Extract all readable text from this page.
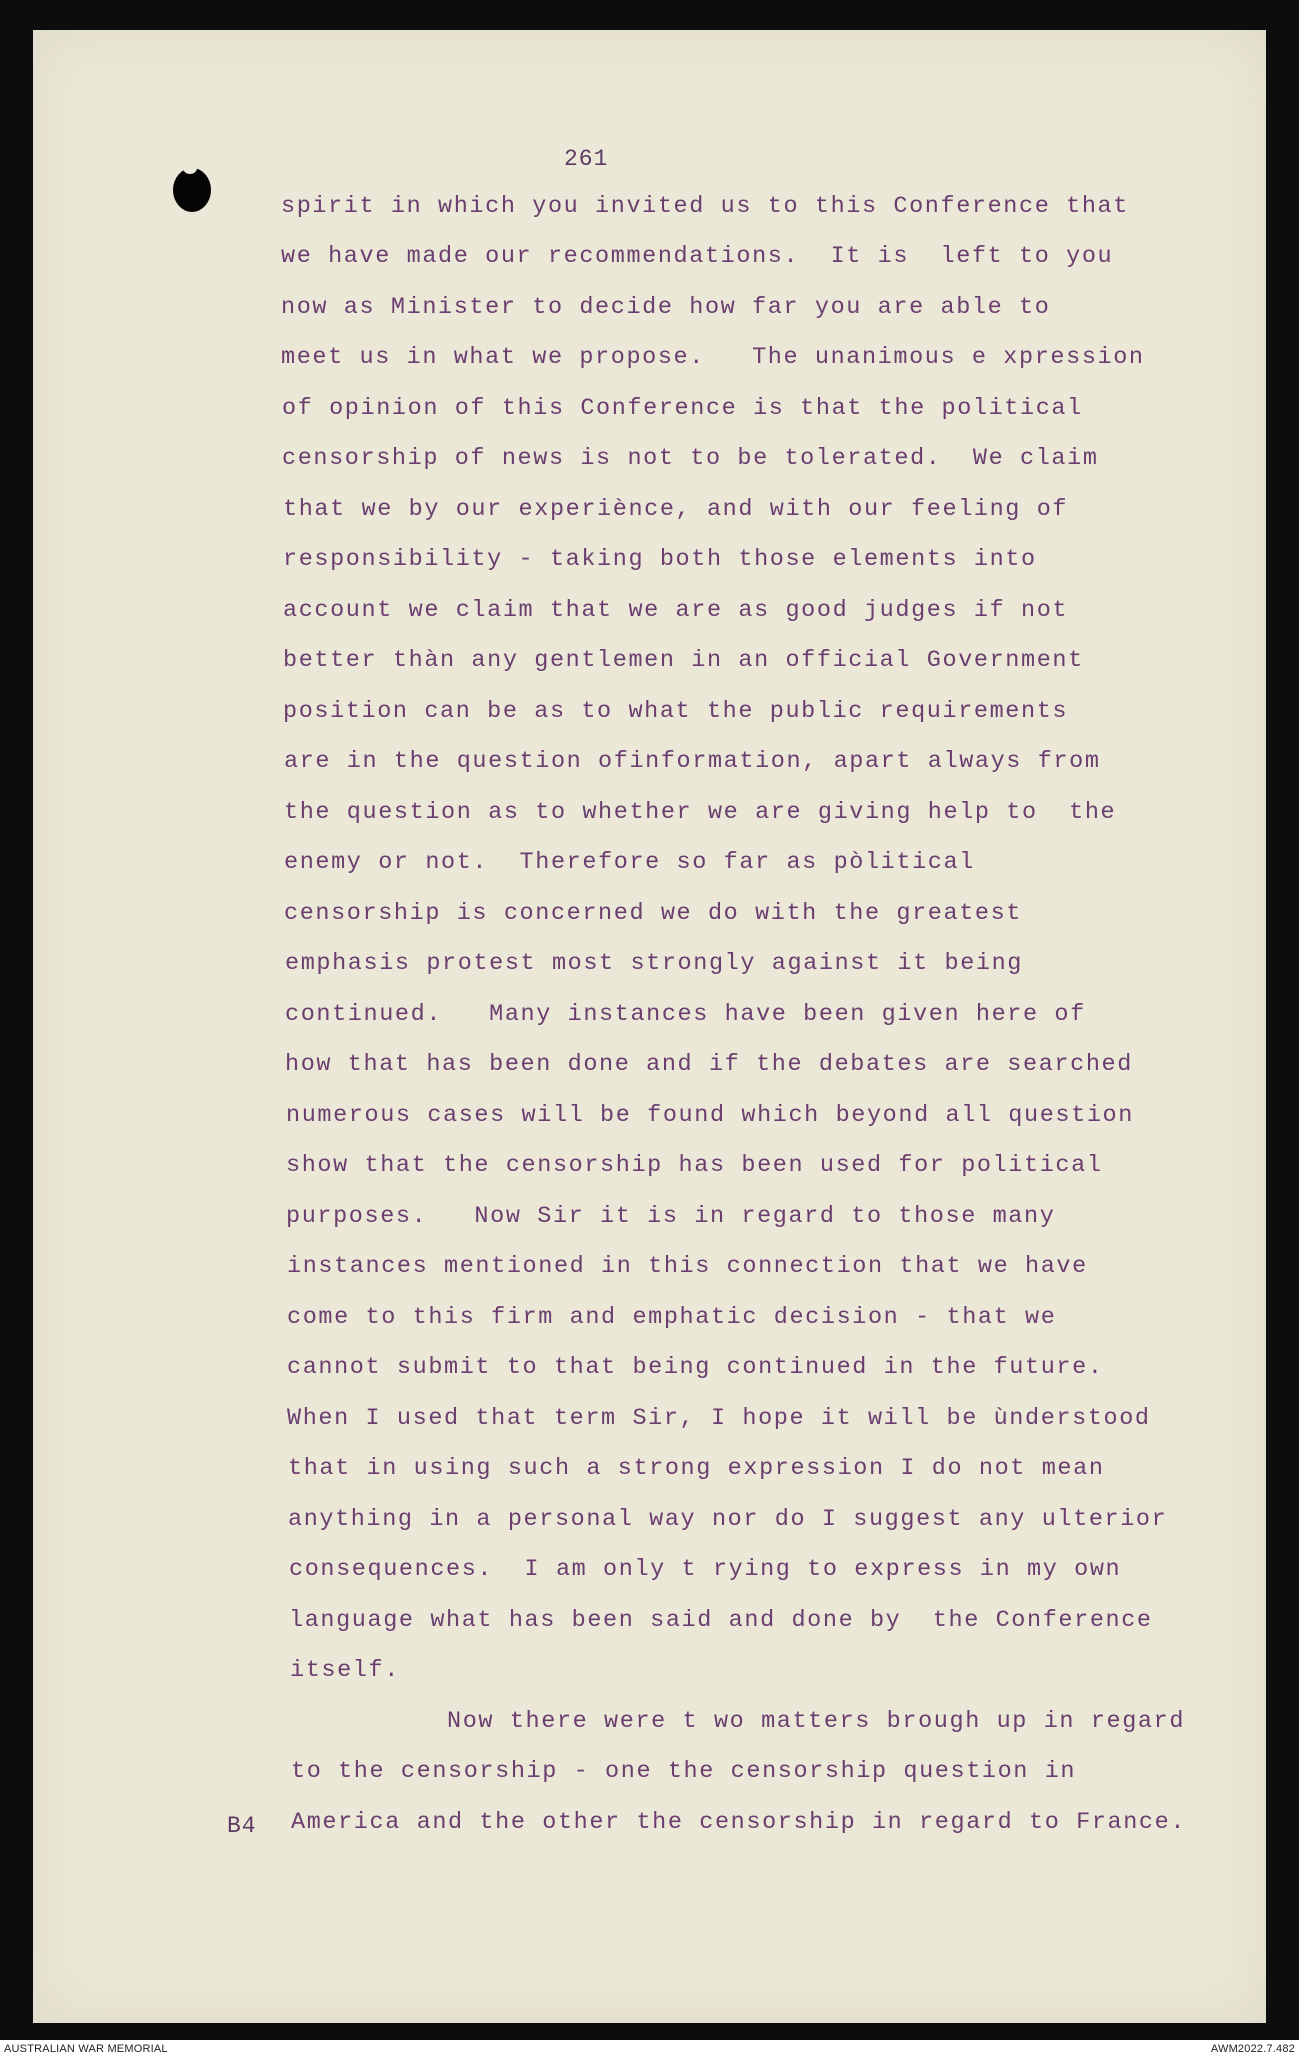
261
spirit in which you invited us to this Conference that
we have made our recommendations.  It is  left to you
now as Minister to decide how far you are able to
meet us in what we propose.   The unanimous e xpression
of opinion of this Conference is that the political
censorship of news is not to be tolerated.  We claim
that we by our experiènce, and with our feeling of
responsibility - taking both those elements into
account we claim that we are as good judges if not
better thàn any gentlemen in an official Government
position can be as to what the public requirements
are in the question ofinformation, apart always from
the question as to whether we are giving help to  the
enemy or not.  Therefore so far as pòlitical
censorship is concerned we do with the greatest
emphasis protest most strongly against it being
continued.   Many instances have been given here of
how that has been done and if the debates are searched
numerous cases will be found which beyond all question
show that the censorship has been used for political
purposes.   Now Sir it is in regard to those many
instances mentioned in this connection that we have
come to this firm and emphatic decision - that we
cannot submit to that being continued in the future.
When I used that term Sir, I hope it will be ùnderstood
that in using such a strong expression I do not mean
anything in a personal way nor do I suggest any ulterior
consequences.  I am only t rying to express in my own
language what has been said and done by  the Conference
itself.
Now there were t wo matters brough up in regard
to the censorship - one the censorship question in
America and the other the censorship in regard to France.
B4
AUSTRALIAN WAR MEMORIAL	AWM2022.7.482
